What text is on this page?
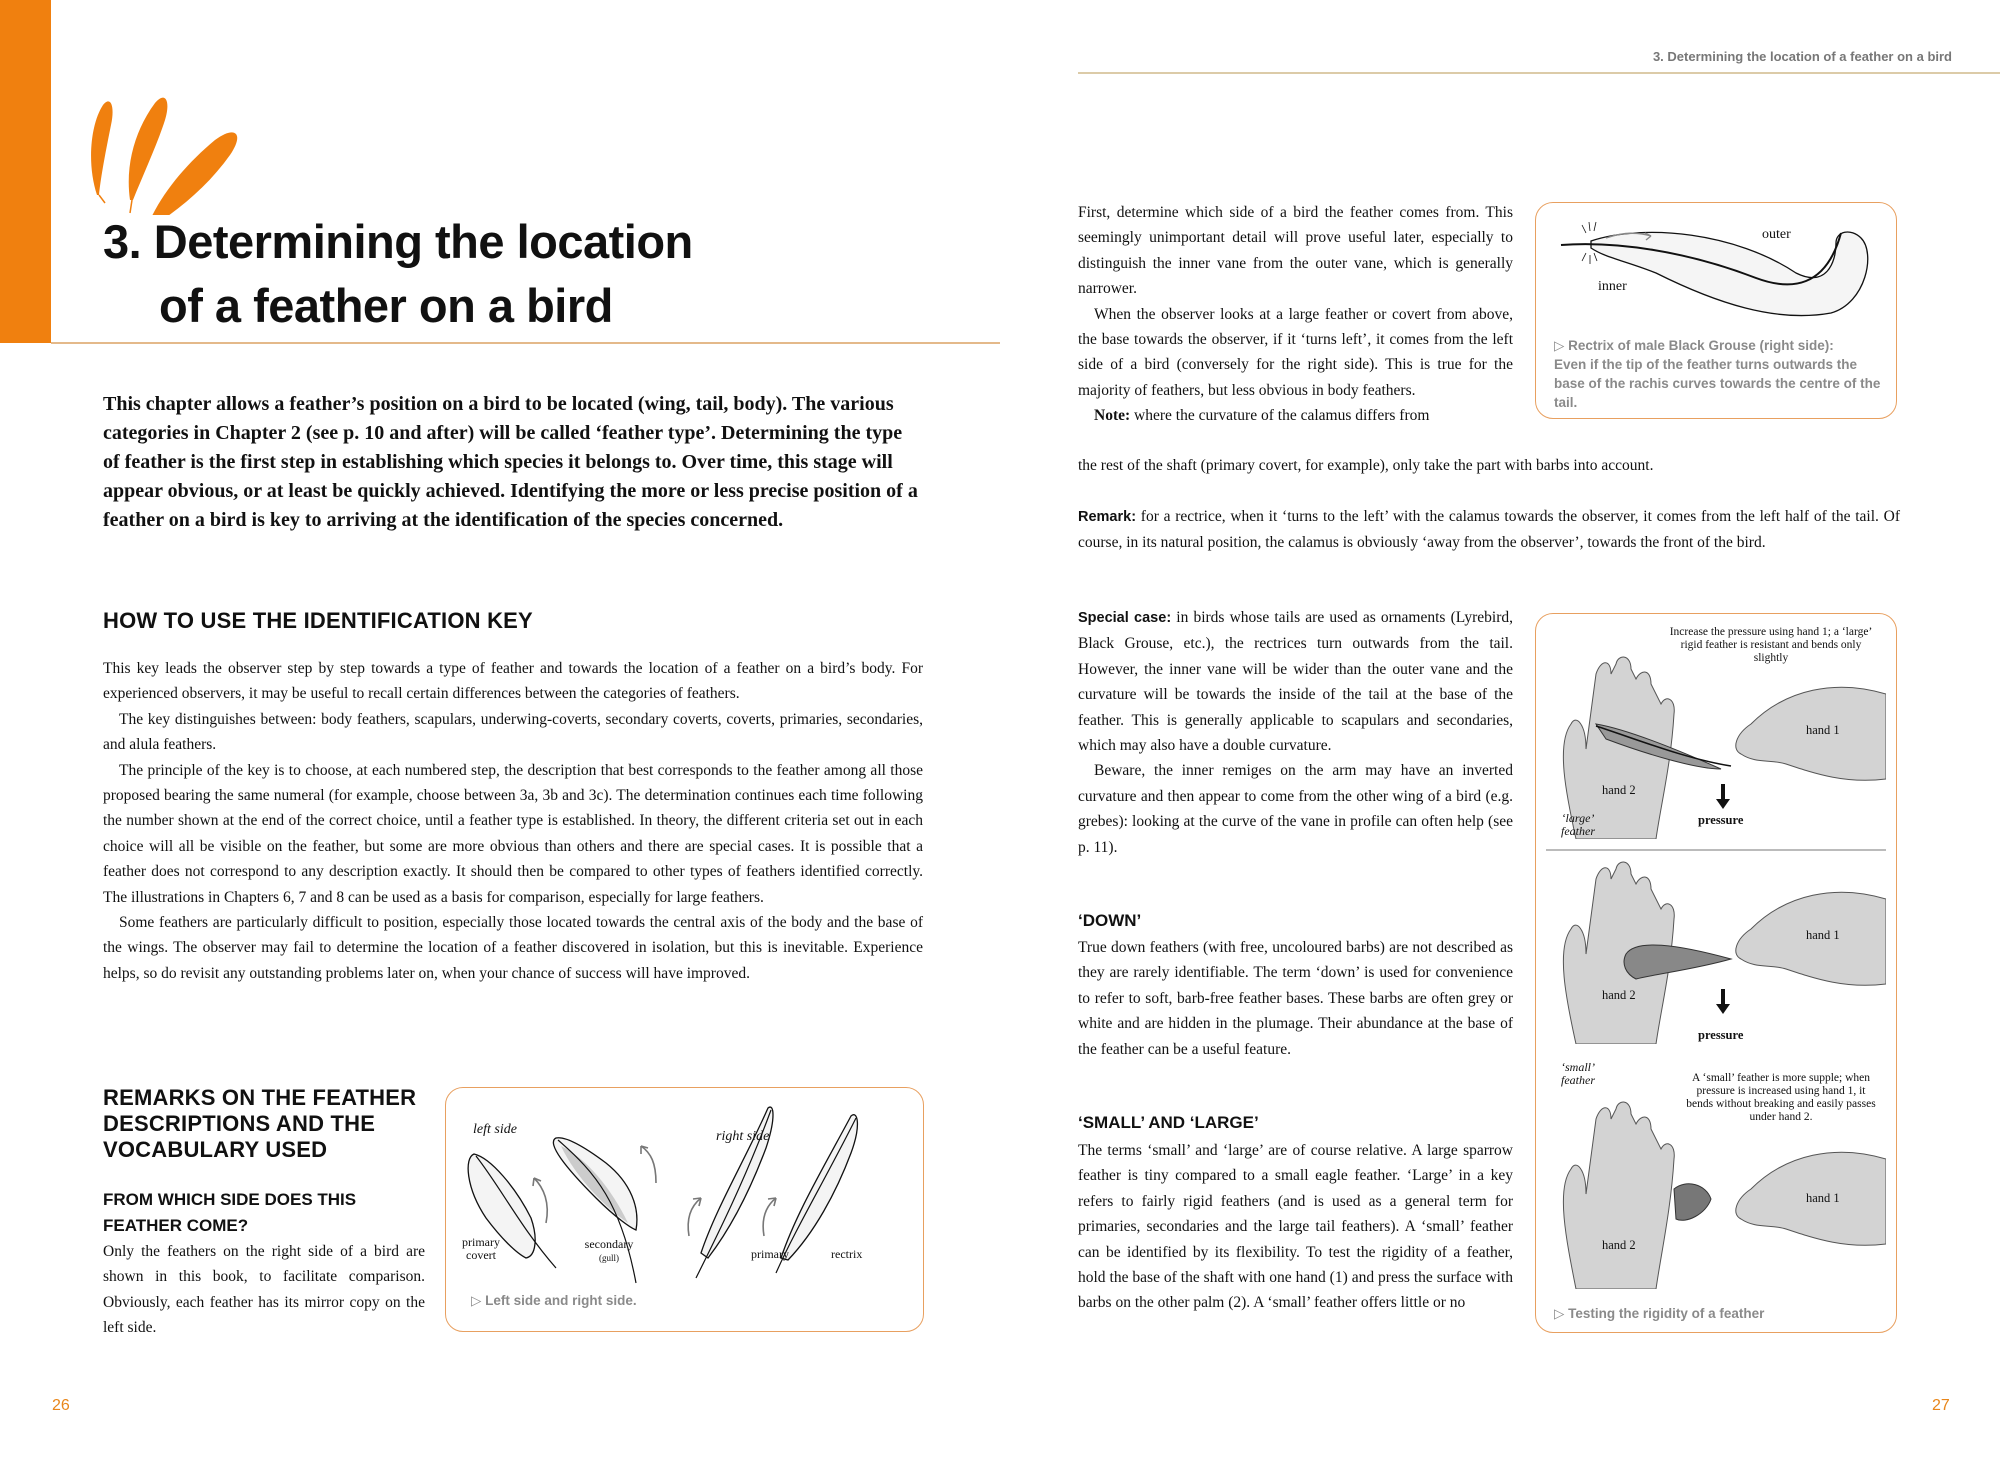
3. Determining the location
of a feather on a bird

This chapter allows a feather’s position on a bird to be located (wing, tail, body). The various categories in Chapter 2 (see p. 10 and after) will be called ‘feather type’. Determining the type of feather is the first step in establishing which species it belongs to. Over time, this stage will appear obvious, or at least be quickly achieved. Identifying the more or less precise position of a feather on a bird is key to arriving at the identification of the species concerned.

HOW TO USE THE IDENTIFICATION KEY

This key leads the observer step by step towards a type of feather and towards the location of a feather on a bird’s body. For experienced observers, it may be useful to recall certain differences between the categories of feathers.

The key distinguishes between: body feathers, scapulars, underwing-coverts, secondary coverts, coverts, primaries, secondaries, and alula feathers.

The principle of the key is to choose, at each numbered step, the description that best corresponds to the feather among all those proposed bearing the same numeral (for example, choose between 3a, 3b and 3c). The determination continues each time following the number shown at the end of the correct choice, until a feather type is established. In theory, the different criteria set out in each choice will all be visible on the feather, but some are more obvious than others and there are special cases. It is possible that a feather does not correspond to any description exactly. It should then be compared to other types of feathers identified correctly. The illustrations in Chapters 6, 7 and 8 can be used as a basis for comparison, especially for large feathers.

Some feathers are particularly difficult to position, especially those located towards the central axis of the body and the base of the wings. The observer may fail to determine the location of a feather discovered in isolation, but this is inevitable. Experience helps, so do revisit any outstanding problems later on, when your chance of success will have improved.

REMARKS ON THE FEATHER DESCRIPTIONS AND THE VOCABULARY USED
FROM WHICH SIDE DOES THIS FEATHER COME?

Only the feathers on the right side of a bird are shown in this book, to facilitate comparison. Obviously, each feather has its mirror copy on the left side.

left side	right side
primary covert
secondary
(gull)	primary	rectrix
▷ Left side and right side.
26
3. Determining the location of a feather on a bird

First, determine which side of a bird the feather comes from. This seemingly unimportant detail will prove useful later, especially to distinguish the inner vane from the outer vane, which is generally narrower.

When the observer looks at a large feather or covert from above, the base towards the observer, if it ‘turns left’, it comes from the left side of a bird (conversely for the right side). This is true for the majority of feathers, but less obvious in body feathers.

Note: where the curvature of the calamus differs from

the rest of the shaft (primary covert, for example), only take the part with barbs into account.

Remark: for a rectrice, when it ‘turns to the left’ with the calamus towards the observer, it comes from the left half of the tail. Of course, in its natural position, the calamus is obviously ‘away from the observer’, towards the front of the bird.

Special case: in birds whose tails are used as ornaments (Lyrebird, Black Grouse, etc.), the rectrices turn outwards from the tail. However, the inner vane will be wider than the outer vane and the curvature will be towards the inside of the tail at the base of the feather. This is generally applicable to scapulars and secondaries, which may also have a double curvature.

Beware, the inner remiges on the arm may have an inverted curvature and then appear to come from the other wing of a bird (e.g. grebes): looking at the curve of the vane in profile can often help (see p. 11).

‘DOWN’

True down feathers (with free, uncoloured barbs) are not described as they are rarely identifiable. The term ‘down’ is used for convenience to refer to soft, barb-free feather bases. These barbs are often grey or white and are hidden in the plumage. Their abundance at the base of the feather can be a useful feature.

‘SMALL’ AND ‘LARGE’

The terms ‘small’ and ‘large’ are of course relative. A large sparrow feather is tiny compared to a small eagle feather. ‘Large’ in a key refers to fairly rigid feathers (and is used as a general term for primaries, secondaries and the large tail feathers). A ‘small’ feather can be identified by its flexibility. To test the rigidity of a feather, hold the base of the shaft with one hand (1) and press the surface with barbs on the other palm (2). A ‘small’ feather offers little or no

outer
inner
▷ Rectrix of male Black Grouse (right side):
Even if the tip of the feather turns outwards the base of the rachis curves towards the centre of the tail.
Increase the pressure using hand 1; a ‘large’ rigid feather is resistant and bends only slightly
hand 1
hand 2
pressure
‘large’ feather
hand 1
hand 2
pressure
‘small’ feather	A ‘small’ feather is more supple; when pressure is increased using hand 1, it bends without breaking and easily passes under hand 2.
hand 1
hand 2
▷ Testing the rigidity of a feather
27
